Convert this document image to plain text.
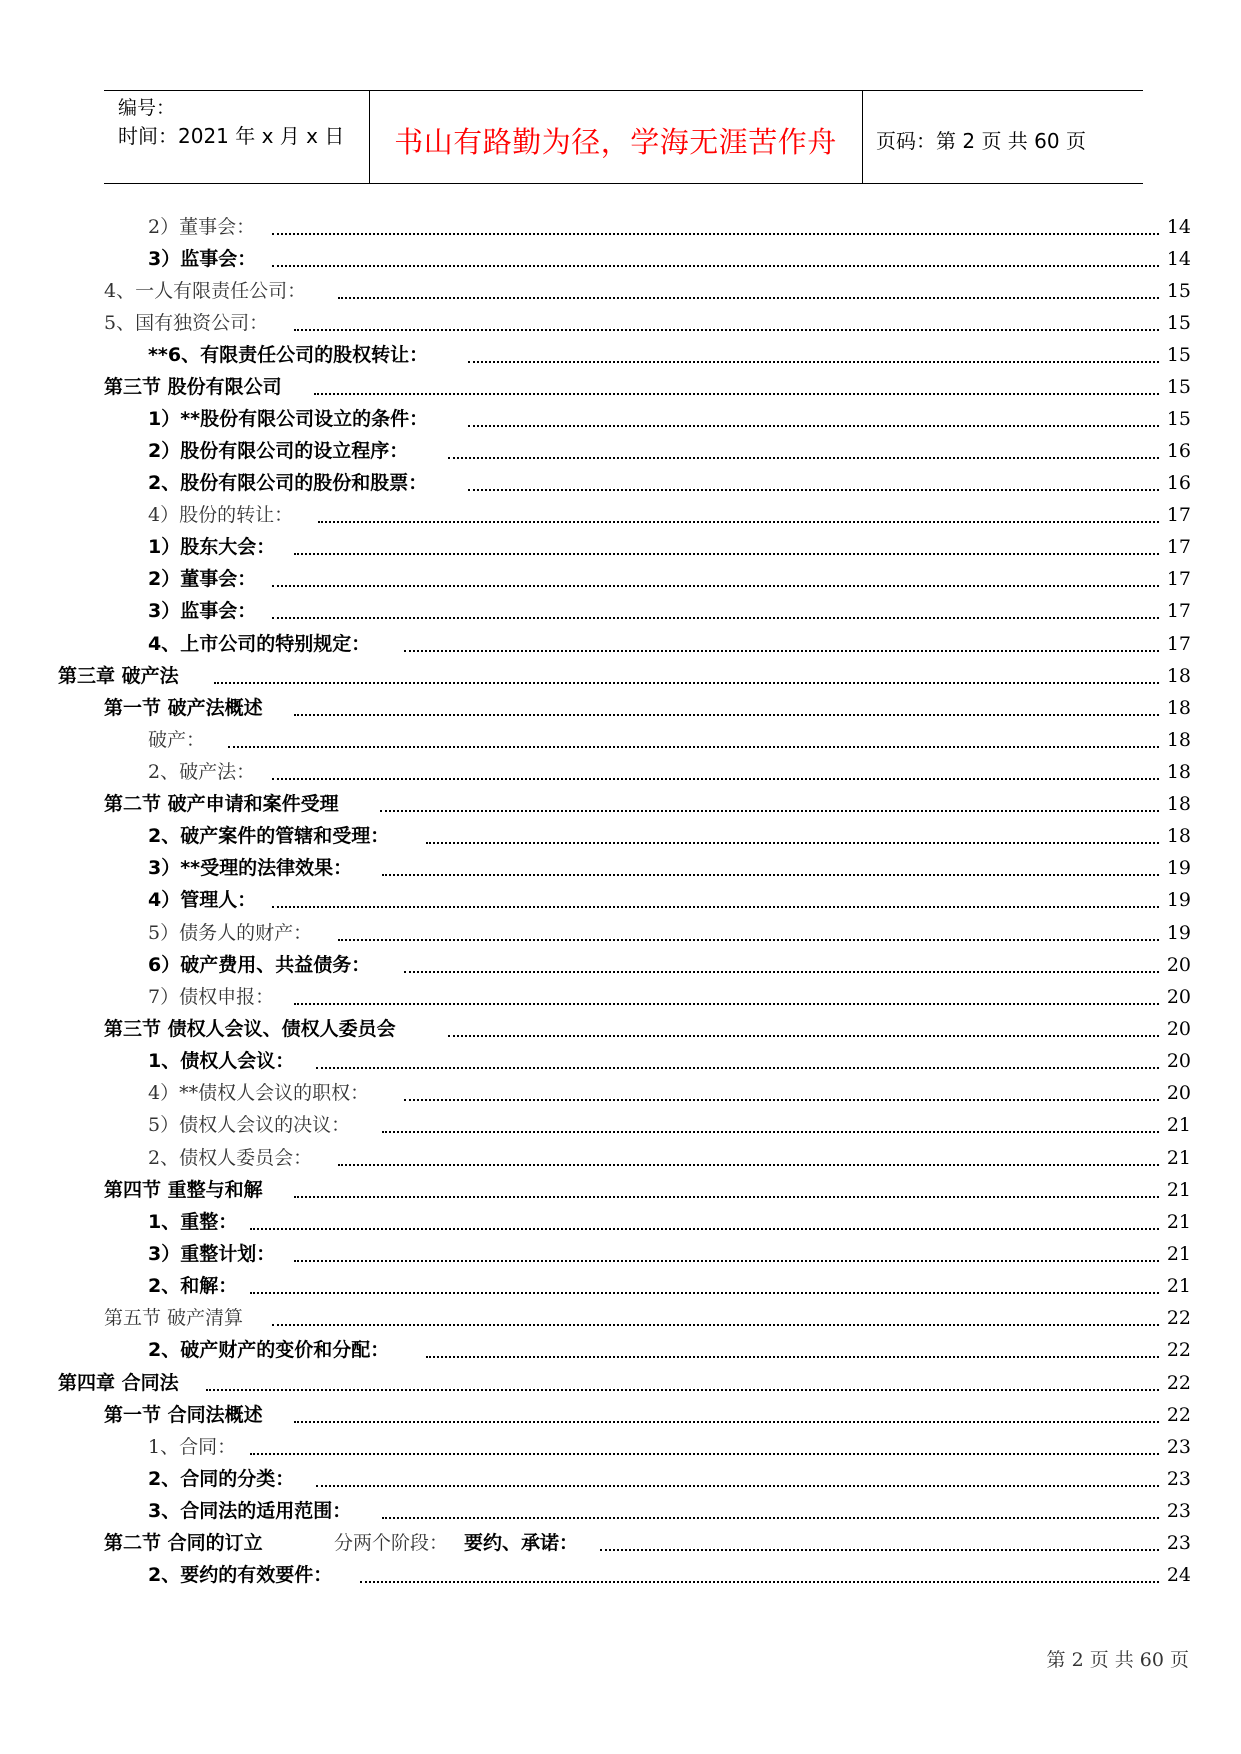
编号：
时间：2021 年 x 月 x 日	书山有路勤为径，学海无涯苦作舟	页码：第 2 页 共 60 页
2）董事会：	14
3）监事会：	14
4、一人有限责任公司：	15
5、国有独资公司：	15
**6、有限责任公司的股权转让：	15
第三节 股份有限公司	15
1）**股份有限公司设立的条件：	15
2）股份有限公司的设立程序：	16
2、股份有限公司的股份和股票：	16
4）股份的转让：	17
1）股东大会：	17
2）董事会：	17
3）监事会：	17
4、上市公司的特别规定：	17
第三章 破产法	18
第一节 破产法概述	18
破产：	18
2、破产法：	18
第二节 破产申请和案件受理	18
2、破产案件的管辖和受理：	18
3）**受理的法律效果：	19
4）管理人：	19
5）债务人的财产：	19
6）破产费用、共益债务：	20
7）债权申报：	20
第三节 债权人会议、债权人委员会	20
1、债权人会议：	20
4）**债权人会议的职权：	20
5）债权人会议的决议：	21
2、债权人委员会：	21
第四节 重整与和解	21
1、重整：	21
3）重整计划：	21
2、和解：	21
第五节 破产清算	22
2、破产财产的变价和分配：	22
第四章 合同法	22
第一节 合同法概述	22
1、合同：	23
2、合同的分类：	23
3、合同法的适用范围：	23
第二节 合同的订立	分两个阶段： 要约、承诺：	23
2、要约的有效要件：	24
第 2 页 共 60 页
